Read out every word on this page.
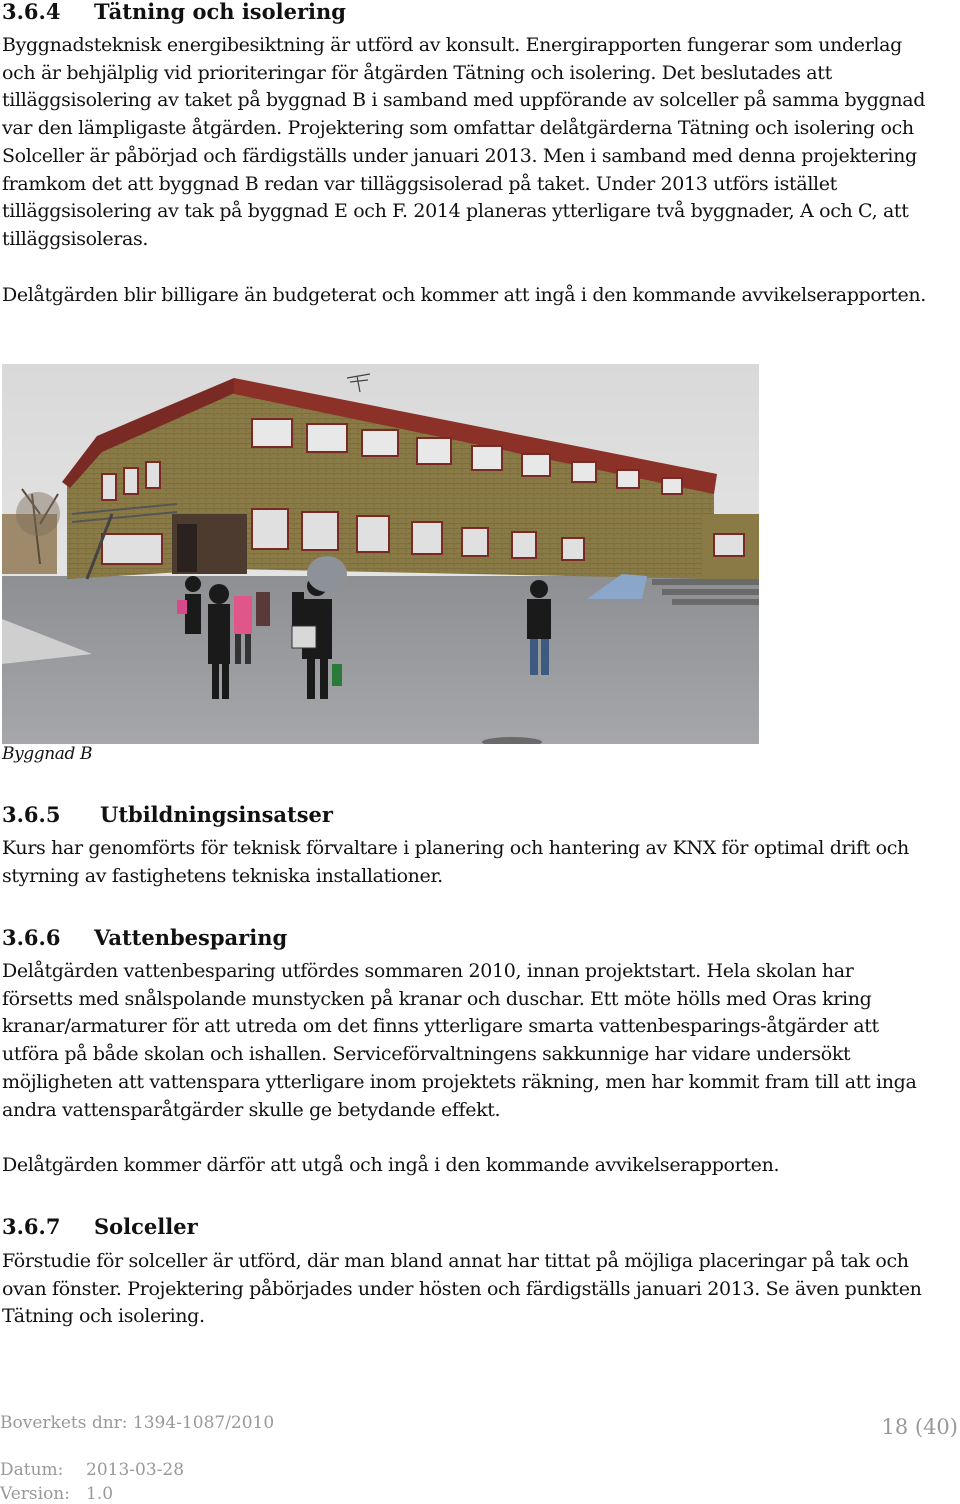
3.6.4	Tätning och isolering

Byggnadsteknisk energibesiktning är utförd av konsult. Energirapporten fungerar som underlag och är behjälplig vid prioriteringar för åtgärden Tätning och isolering. Det beslutades att tilläggsisolering av taket på byggnad B i samband med uppförande av solceller på samma byggnad var den lämpligaste åtgärden. Projektering som omfattar delåtgärderna Tätning och isolering och Solceller är påbörjad och färdigställs under januari 2013. Men i samband med denna projektering framkom det att byggnad B redan var tilläggsisolerad på taket. Under 2013 utförs istället tilläggsisolering av tak på byggnad E och F. 2014 planeras ytterligare två byggnader, A och C, att tilläggsisoleras.

Delåtgärden blir billigare än budgeterat och kommer att ingå i den kommande avvikelserapporten.

Byggnad B
3.6.5	Utbildningsinsatser

Kurs har genomförts för teknisk förvaltare i planering och hantering av KNX för optimal drift och styrning av fastighetens tekniska installationer.

3.6.6	Vattenbesparing

Delåtgärden vattenbesparing utfördes sommaren 2010, innan projektstart. Hela skolan har försetts med snålspolande munstycken på kranar och duschar. Ett möte hölls med Oras kring kranar/armaturer för att utreda om det finns ytterligare smarta vattenbesparings-åtgärder att utföra på både skolan och ishallen. Serviceförvaltningens sakkunnige har vidare undersökt möjligheten att vattenspara ytterligare inom projektets räkning, men har kommit fram till att inga andra vattensparåtgärder skulle ge betydande effekt.

Delåtgärden kommer därför att utgå och ingå i den kommande avvikelserapporten.

3.6.7	Solceller

Förstudie för solceller är utförd, där man bland annat har tittat på möjliga placeringar på tak och ovan fönster. Projektering påbörjades under hösten och färdigställs januari 2013. Se även punkten Tätning och isolering.

Boverkets dnr: 1394-1087/2010	18 (40)
Datum:	2013-03-28
Version: 1.0
